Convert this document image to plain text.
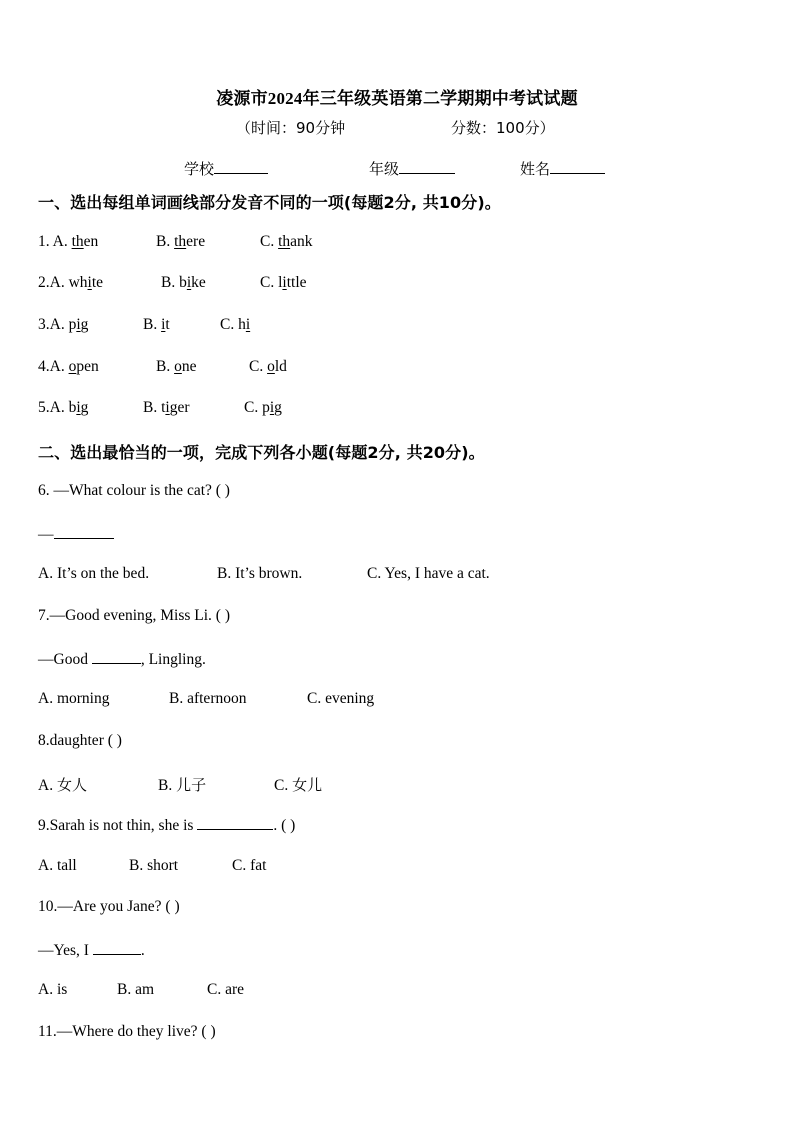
凌源市2024年三年级英语第二学期期中考试试题
（时间：90分钟	分数：100分）
学校	年级	姓名
一、选出每组单词画线部分发音不同的一项(每题2分, 共10分)。
1. A. then	B. there	C. thank
2.A. white	B. bike	C. little
3.A. pig	B. it	C. hi
4.A. open	B. one	C. old
5.A. big	B. tiger	C. pig
二、选出最恰当的一项，完成下列各小题(每题2分, 共20分)。
6. —What colour is the cat? ( )
—
A. It’s on the bed.	B. It’s brown.	C. Yes, I have a cat.
7.—Good evening, Miss Li. ( )
—Good	, Lingling.
A. morning	B. afternoon	C. evening
8.daughter ( )
A. 女人	B. 儿子	C. 女儿
9.Sarah is not thin, she is	. ( )
A. tall	B. short	C. fat
10.—Are you Jane? ( )
—Yes, I	.
A. is	B. am	C. are
11.—Where do they live? ( )
